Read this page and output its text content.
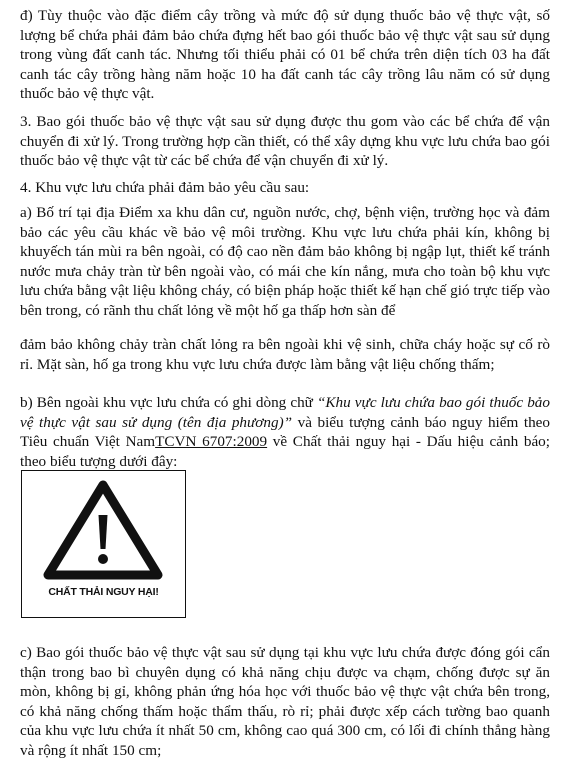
đ) Tùy thuộc vào đặc điểm cây trồng và mức độ sử dụng thuốc bảo vệ thực vật, số lượng bể chứa phải đảm bảo chứa đựng hết bao gói thuốc bảo vệ thực vật sau sử dụng trong vùng đất canh tác. Nhưng tối thiểu phải có 01 bể chứa trên diện tích 03 ha đất canh tác cây trồng hàng năm hoặc 10 ha đất canh tác cây trồng lâu năm có sử dụng thuốc bảo vệ thực vật.

3. Bao gói thuốc bảo vệ thực vật sau sử dụng được thu gom vào các bể chứa để vận chuyển đi xử lý. Trong trường hợp cần thiết, có thể xây dựng khu vực lưu chứa bao gói thuốc bảo vệ thực vật từ các bể chứa để vận chuyển đi xử lý.

4. Khu vực lưu chứa phải đảm bảo yêu cầu sau:

a) Bố trí tại địa Điểm xa khu dân cư, nguồn nước, chợ, bệnh viện, trường học và đảm bảo các yêu cầu khác về bảo vệ môi trường. Khu vực lưu chứa phải kín, không bị khuyếch tán mùi ra bên ngoài, có độ cao nền đảm bảo không bị ngập lụt, thiết kế tránh nước mưa chảy tràn từ bên ngoài vào, có mái che kín nắng, mưa cho toàn bộ khu vực lưu chứa bằng vật liệu không cháy, có biện pháp hoặc thiết kế hạn chế gió trực tiếp vào bên trong, có rãnh thu chất lỏng về một hố ga thấp hơn sàn để

đảm bảo không chảy tràn chất lỏng ra bên ngoài khi vệ sinh, chữa cháy hoặc sự cố rò rỉ. Mặt sàn, hố ga trong khu vực lưu chứa được làm bằng vật liệu chống thấm;

b) Bên ngoài khu vực lưu chứa có ghi dòng chữ “Khu vực lưu chứa bao gói thuốc bảo vệ thực vật sau sử dụng (tên địa phương)” và biểu tượng cảnh báo nguy hiểm theo Tiêu chuẩn Việt NamTCVN 6707:2009 về Chất thải nguy hại - Dấu hiệu cảnh báo; theo biểu tượng dưới đây:

CHẤT THẢI NGUY HẠI!

c) Bao gói thuốc bảo vệ thực vật sau sử dụng tại khu vực lưu chứa được đóng gói cẩn thận trong bao bì chuyên dụng có khả năng chịu được va chạm, chống được sự ăn mòn, không bị gỉ, không phản ứng hóa học với thuốc bảo vệ thực vật chứa bên trong, có khả năng chống thấm hoặc thẩm thấu, rò rỉ; phải được xếp cách tường bao quanh của khu vực lưu chứa ít nhất 50 cm, không cao quá 300 cm, có lối đi chính thẳng hàng và rộng ít nhất 150 cm;
